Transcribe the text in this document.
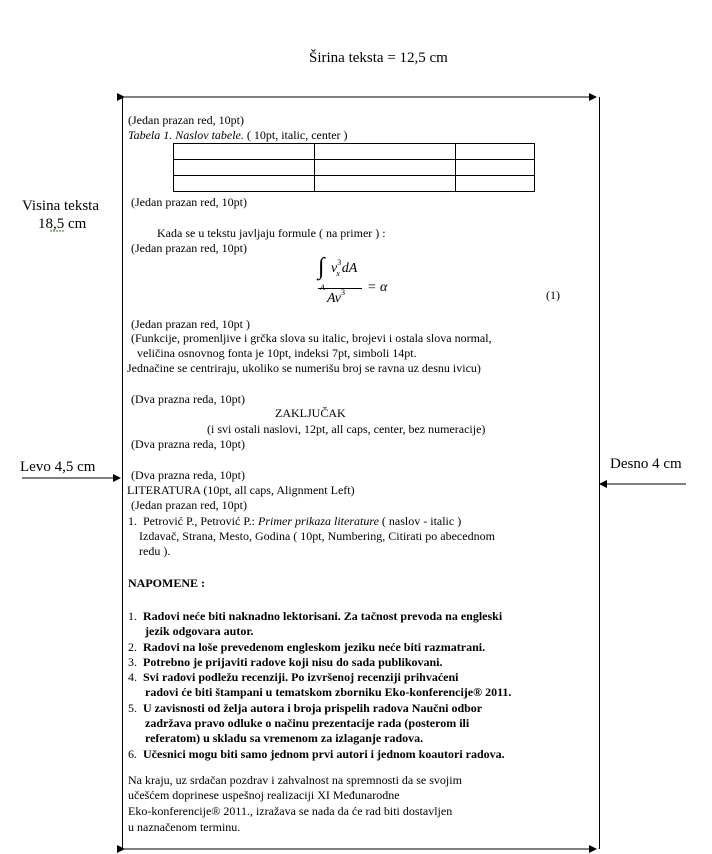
Širina teksta = 12,5 cm
Visina teksta
18,5 cm
Levo 4,5 cm	Desno 4 cm
(Jedan prazan red, 10pt)
Tabela 1. Naslov tabele. ( 10pt, italic, center )

(Jedan prazan red, 10pt)
Kada se u tekstu javljaju formule ( na primer ) :
(Jedan prazan red, 10pt)
∫
A
$v^3_x$ dA
$Av^3 = \alpha$	(1)
(Jedan prazan red, 10pt )
(Funkcije, promenljive i grčka slova su italic, brojevi i ostala slova normal,
veličina osnovnog fonta je 10pt, indeksi 7pt, simboli 14pt.
Jednačine se centriraju, ukoliko se numerišu broj se ravna uz desnu ivicu)
(Dva prazna reda, 10pt)
ZAKLJUČAK
(i svi ostali naslovi, 12pt, all caps, center, bez numeracije)
(Dva prazna reda, 10pt)
(Dva prazna reda, 10pt)
LITERATURA (10pt, all caps, Alignment Left)
(Jedan prazan red, 10pt)
1. Petrović P., Petrović P.: Primer prikaza literature ( naslov - italic )
Izdavač, Strana, Mesto, Godina ( 10pt, Numbering, Citirati po abecednom
redu ).
NAPOMENE :
1. Radovi neće biti naknadno lektorisani. Za tačnost prevoda na engleski
jezik odgovara autor.
2. Radovi na loše prevedenom engleskom jeziku neće biti razmatrani.
3. Potrebno je prijaviti radove koji nisu do sada publikovani.
4. Svi radovi podležu recenziji. Po izvršenoj recenziji prihvaćeni
radovi će biti štampani u tematskom zborniku Eko-konferencije® 2011.
5. U zavisnosti od želja autora i broja prispelih radova Naučni odbor
zadržava pravo odluke o načinu prezentacije rada (posterom ili
referatom) u skladu sa vremenom za izlaganje radova.
6. Učesnici mogu biti samo jednom prvi autori i jednom koautori radova.
Na kraju, uz srdačan pozdrav i zahvalnost na spremnosti da se svojim
učešćem doprinese uspešnoj realizaciji XI Međunarodne
Eko-konferencije® 2011., izražava se nada da će rad biti dostavljen
u naznačenom terminu.
